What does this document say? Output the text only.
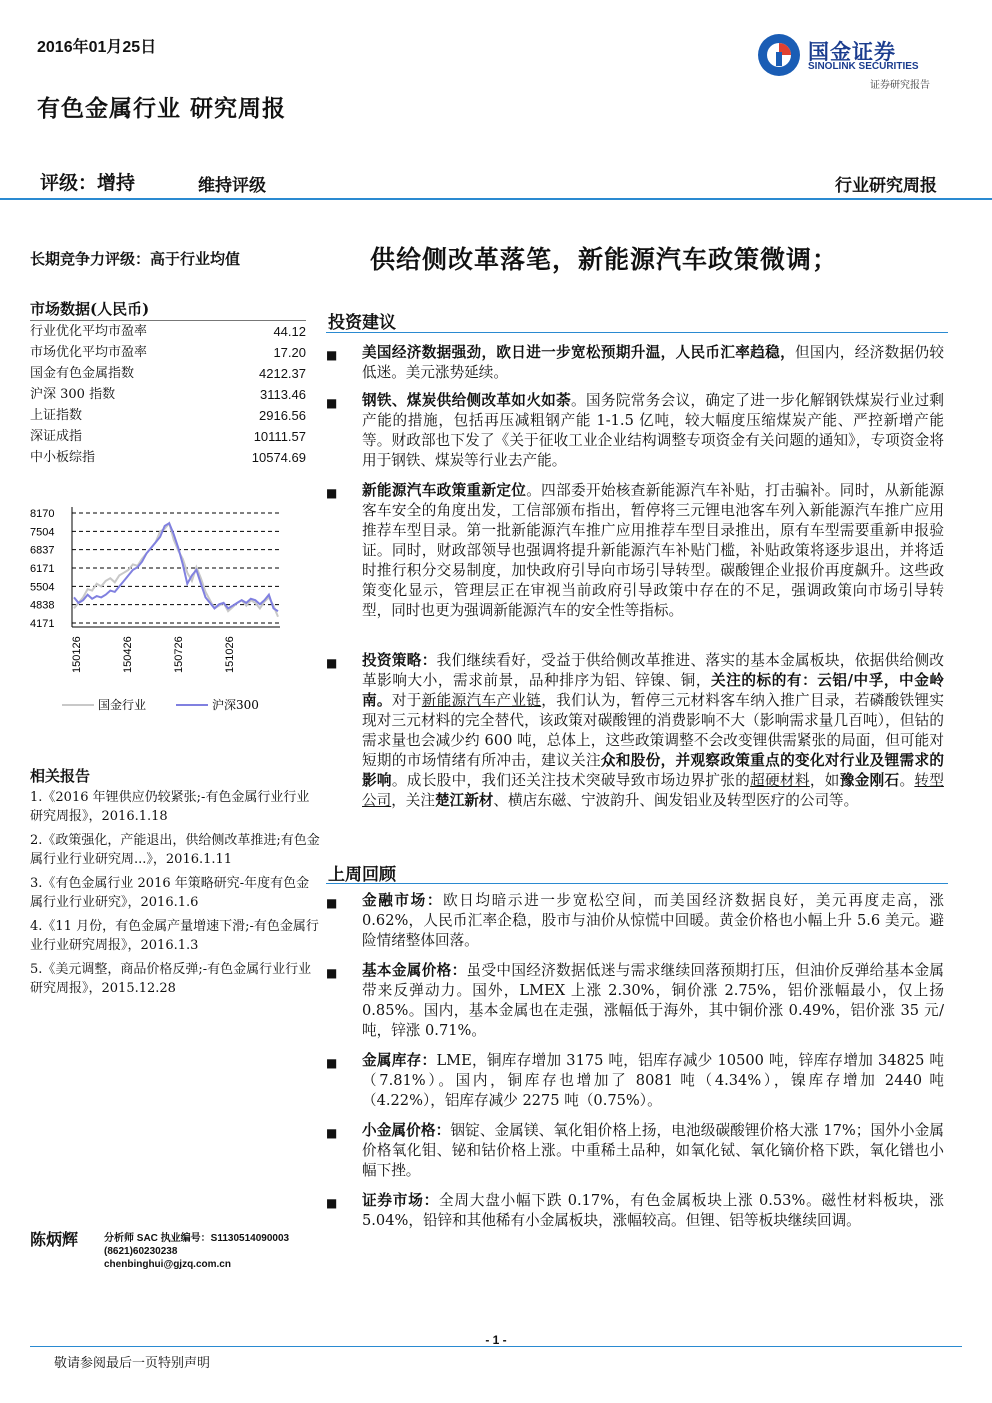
2016年01月25日	国金证券
SINOLINK SECURITIES
证券研究报告
有色金属行业 研究周报
评级：增持	维持评级	行业研究周报
长期竞争力评级：高于行业均值
市场数据(人民币)
行业优化平均市盈率	44.12
市场优化平均市盈率	17.20
国金有色金属指数	4212.37
沪深 300 指数	3113.46
上证指数	2916.56
深证成指	10111.57
中小板综指	10574.69
8170
7504
6837
6171
5504
4838
4171
150126	150426	150726	151026
国金行业	沪深300
相关报告
1.《2016 年锂供应仍较紧张;-有色金属行业行业研究周报》，2016.1.18
2.《政策强化，产能退出，供给侧改革推进;有色金属行业行业研究周...》，2016.1.11
3.《有色金属行业 2016 年策略研究-年度有色金属行业行业研究》，2016.1.6
4.《11 月份，有色金属产量增速下滑;-有色金属行业行业研究周报》，2016.1.3
5.《美元调整，商品价格反弹;-有色金属行业行业研究周报》，2015.12.28
陈炳辉	分析师 SAC 执业编号：S1130514090003
(8621)60230238
chenbinghui@gjzq.com.cn
供给侧改革落笔，新能源汽车政策微调；
投资建议
■ 美国经济数据强劲，欧日进一步宽松预期升温，人民币汇率趋稳，但国内，经济数据仍较低迷。美元涨势延续。
■ 钢铁、煤炭供给侧改革如火如荼。国务院常务会议，确定了进一步化解钢铁煤炭行业过剩产能的措施，包括再压减粗钢产能 1-1.5 亿吨，较大幅度压缩煤炭产能、严控新增产能等。财政部也下发了《关于征收工业企业结构调整专项资金有关问题的通知》，专项资金将用于钢铁、煤炭等行业去产能。
■ 新能源汽车政策重新定位。四部委开始核查新能源汽车补贴，打击骗补。同时，从新能源客车安全的角度出发，工信部颁布指出，暂停将三元锂电池客车列入新能源汽车推广应用推荐车型目录。第一批新能源汽车推广应用推荐车型目录推出，原有车型需要重新申报验证。同时，财政部领导也强调将提升新能源汽车补贴门槛，补贴政策将逐步退出，并将适时推行积分交易制度，加快政府引导向市场引导转型。碳酸锂企业报价再度飙升。这些政策变化显示，管理层正在审视当前政府引导政策中存在的不足，强调政策向市场引导转型，同时也更为强调新能源汽车的安全性等指标。
■ 投资策略：我们继续看好，受益于供给侧改革推进、落实的基本金属板块，依据供给侧改革影响大小，需求前景，品种排序为铝、锌镍、铜，关注的标的有：云铝/中孚，中金岭南。对于新能源汽车产业链，我们认为，暂停三元材料客车纳入推广目录，若磷酸铁锂实现对三元材料的完全替代，该政策对碳酸锂的消费影响不大（影响需求量几百吨），但钴的需求量也会减少约 600 吨，总体上，这些政策调整不会改变锂供需紧张的局面，但可能对短期的市场情绪有所冲击，建议关注众和股份，并观察政策重点的变化对行业及锂需求的影响。成长股中，我们还关注技术突破导致市场边界扩张的超硬材料，如豫金刚石。转型公司，关注楚江新材、横店东磁、宁波韵升、闽发铝业及转型医疗的公司等。
上周回顾
■ 金融市场：欧日均暗示进一步宽松空间，而美国经济数据良好，美元再度走高，涨 0.62%，人民币汇率企稳，股市与油价从惊慌中回暖。黄金价格也小幅上升 5.6 美元。避险情绪整体回落。
■ 基本金属价格：虽受中国经济数据低迷与需求继续回落预期打压，但油价反弹给基本金属带来反弹动力。国外，LMEX 上涨 2.30%，铜价涨 2.75%，铝价涨幅最小，仅上扬 0.85%。国内，基本金属也在走强，涨幅低于海外，其中铜价涨 0.49%，铝价涨 35 元/吨，锌涨 0.71%。
■ 金属库存：LME，铜库存增加 3175 吨，铝库存减少 10500 吨，锌库存增加 34825 吨（7.81%）。国内，铜库存也增加了 8081 吨（4.34%），镍库存增加 2440 吨（4.22%），铝库存减少 2275 吨（0.75%）。
■ 小金属价格：铟锭、金属镁、氧化钼价格上扬，电池级碳酸锂价格大涨 17%；国外小金属价格氧化钼、铋和钴价格上涨。中重稀土品种，如氧化铽、氧化镝价格下跌，氧化镨也小幅下挫。
■ 证券市场：全周大盘小幅下跌 0.17%，有色金属板块上涨 0.53%。磁性材料板块，涨 5.04%，铅锌和其他稀有小金属板块，涨幅较高。但锂、铝等板块继续回调。
- 1 -
敬请参阅最后一页特别声明
